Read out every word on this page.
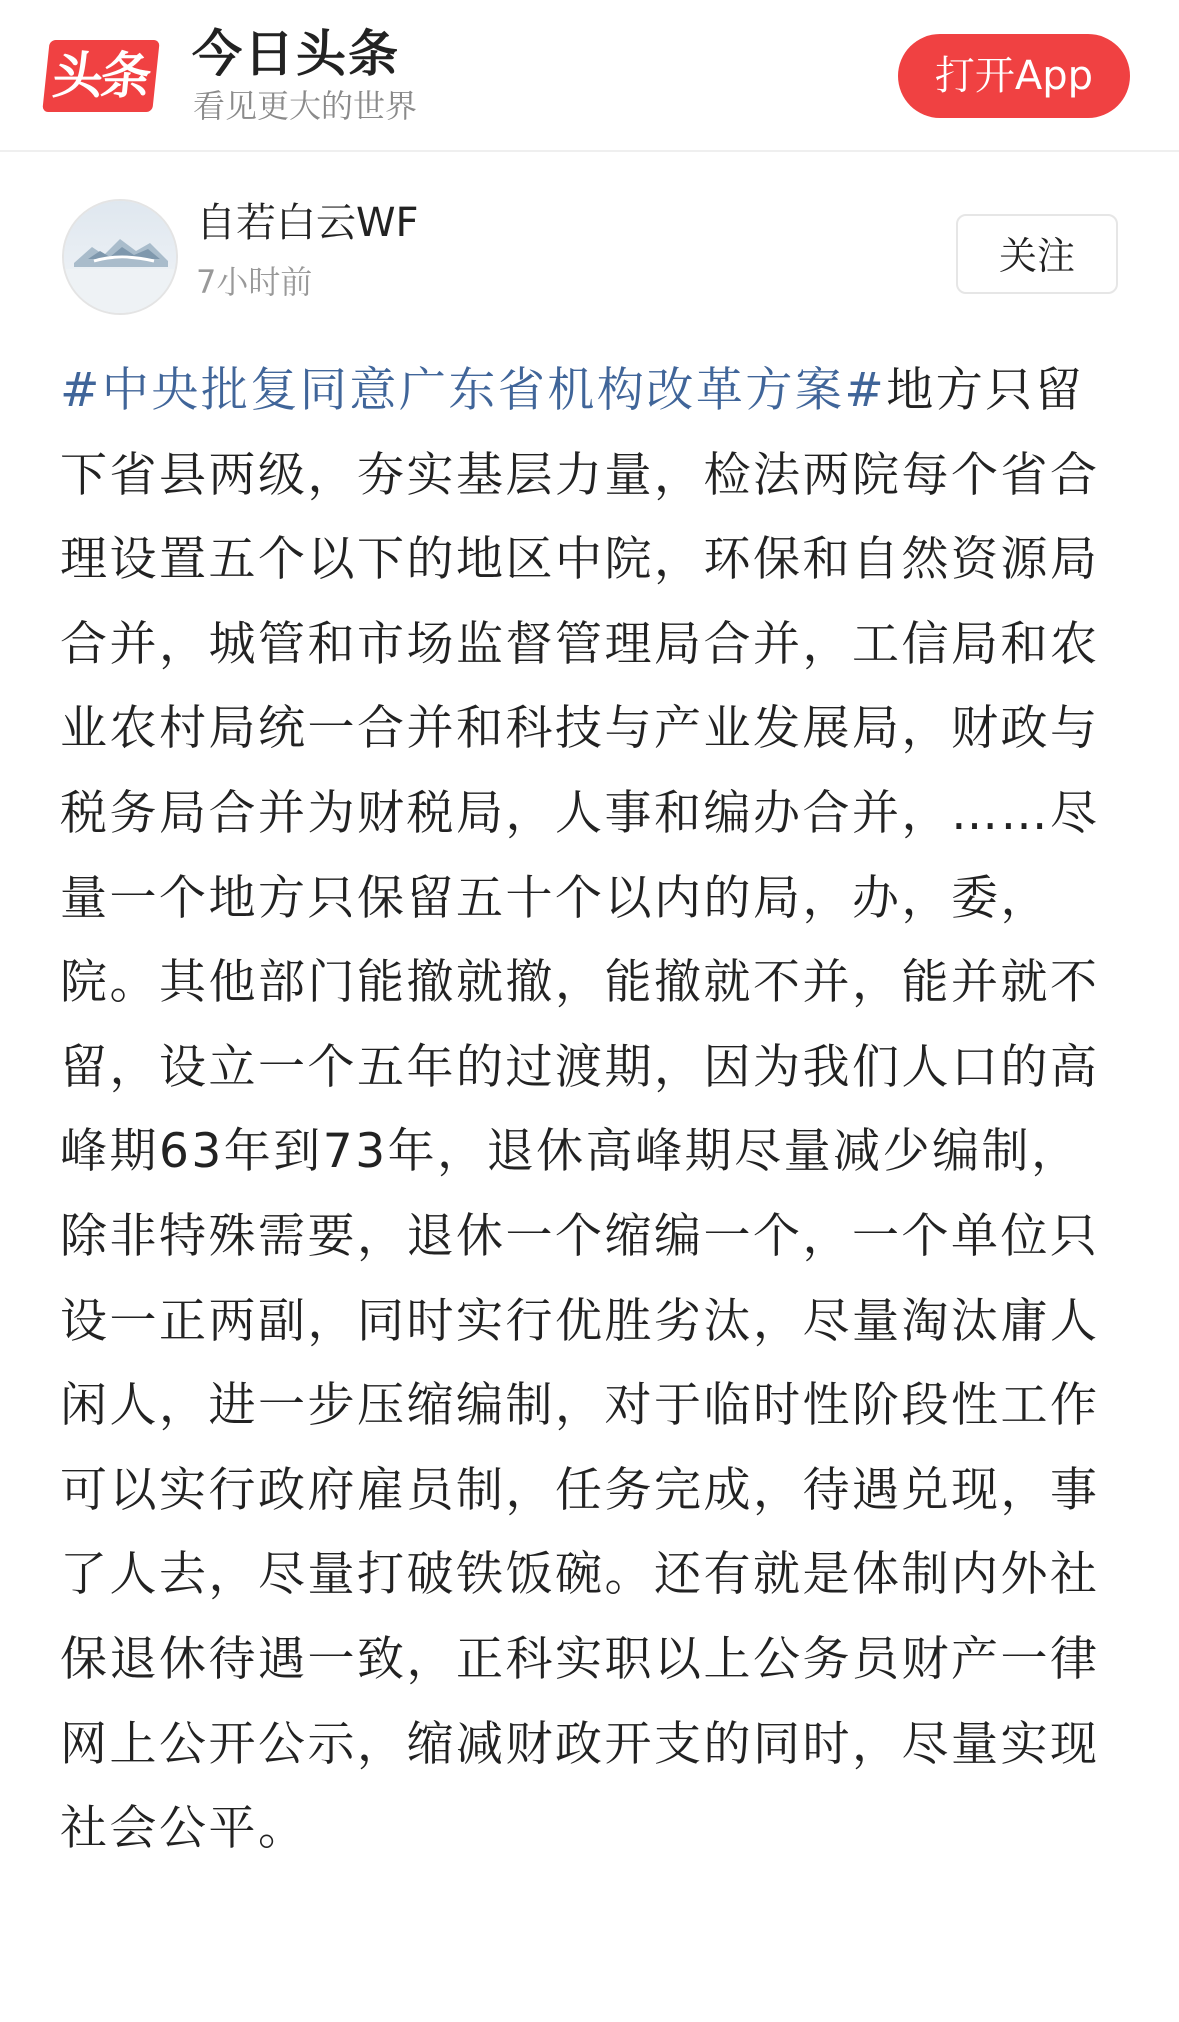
头条 今日头条
看见更大的世界
打开App
自若白云WF
7小时前
关注

#中央批复同意广东省机构改革方案#地方只留下省县两级，夯实基层力量，检法两院每个省合理设置五个以下的地区中院，环保和自然资源局合并，城管和市场监督管理局合并，工信局和农业农村局统一合并和科技与产业发展局，财政与税务局合并为财税局，人事和编办合并，……尽量一个地方只保留五十个以内的局，办，委，院。其他部门能撤就撤，能撤就不并，能并就不留，设立一个五年的过渡期，因为我们人口的高峰期63年到73年，退休高峰期尽量减少编制，除非特殊需要，退休一个缩编一个，一个单位只设一正两副，同时实行优胜劣汰，尽量淘汰庸人闲人，进一步压缩编制，对于临时性阶段性工作可以实行政府雇员制，任务完成，待遇兑现，事了人去，尽量打破铁饭碗。还有就是体制内外社保退休待遇一致，正科实职以上公务员财产一律网上公开公示，缩减财政开支的同时，尽量实现社会公平。
